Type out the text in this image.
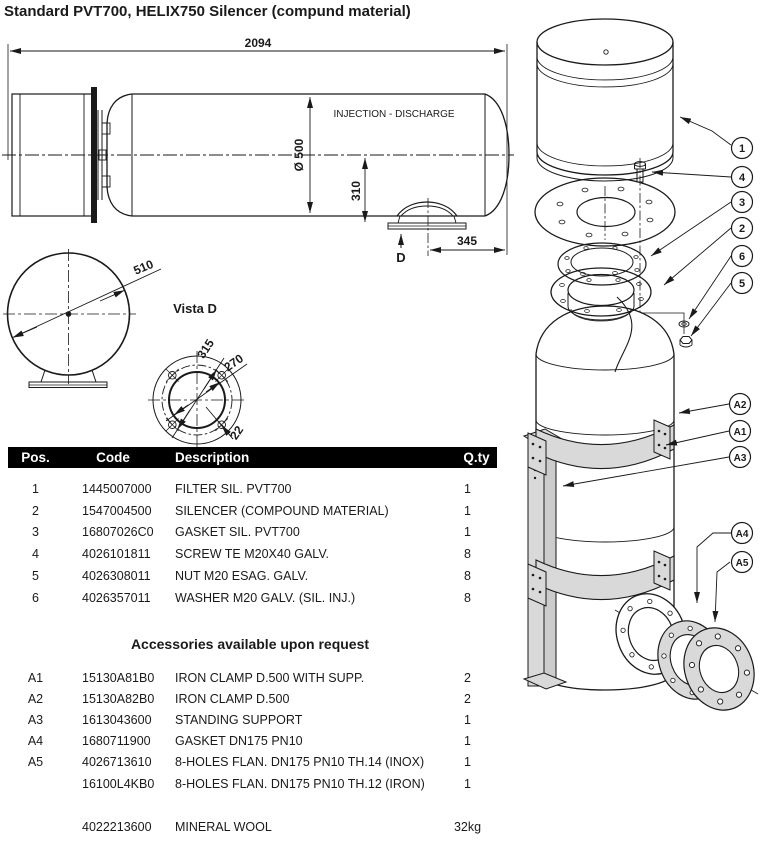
Standard PVT700, HELIX750 Silencer (compund material)
2094
Ø 500
INJECTION - DISCHARGE
310
D
345
510
Vista D
315
270
22
1
4
3
2
6
5
A2
A1
A3
A4
A5
Pos.	Code	Description	Q.ty
1	1445007000 FILTER SIL. PVT700	1
2	1547004500 SILENCER (COMPOUND MATERIAL)	1
3	16807026C0 GASKET SIL. PVT700	1
4	4026101811 SCREW TE M20X40 GALV.	8
5	4026308011 NUT M20 ESAG. GALV.	8
6	4026357011 WASHER M20 GALV. (SIL. INJ.)	8
Accessories available upon request
A1	15130A81B0 IRON CLAMP D.500 WITH SUPP.	2
A2	15130A82B0 IRON CLAMP D.500	2
A3	1613043600 STANDING SUPPORT	1
A4	1680711900 GASKET DN175 PN10	1
A5	4026713610 8-HOLES FLAN. DN175 PN10 TH.14 (INOX)	1
16100L4KB0 8-HOLES FLAN. DN175 PN10 TH.12 (IRON)	1
4022213600 MINERAL WOOL	32kg
